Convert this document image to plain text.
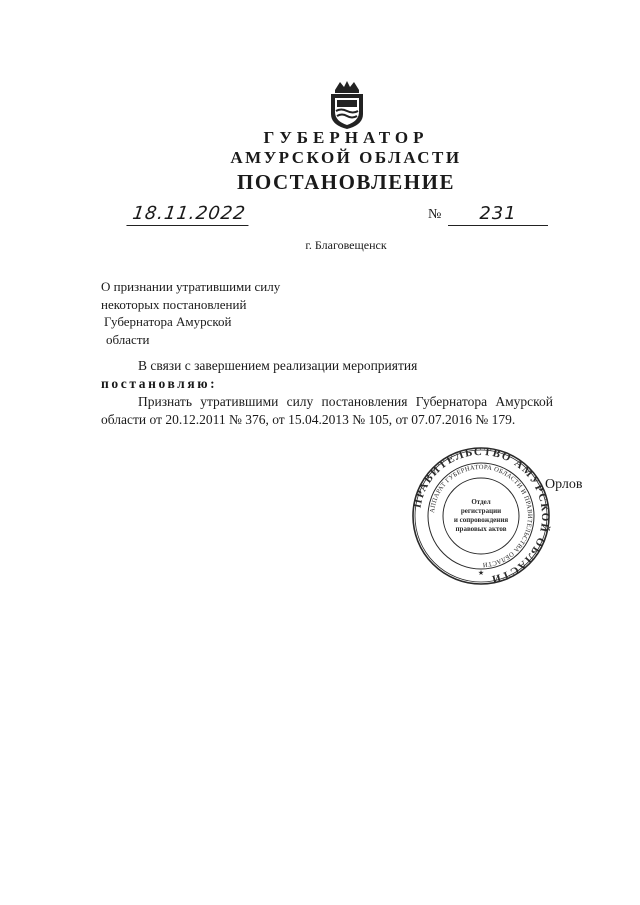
ГУБЕРНАТОР
АМУРСКОЙ ОБЛАСТИ
ПОСТАНОВЛЕНИЕ
18.11.2022	№	231
г. Благовещенск
О признании утратившими силу
некоторых постановлений
Губернатора Амурской
области
В связи с завершением реализации мероприятия
постановляю:
Признать утратившими силу постановления Губернатора Амурской области от 20.12.2011 № 376, от 15.04.2013 № 105, от 07.07.2016 № 179.
ПРАВИТЕЛЬСТВО АМУРСКОЙ ОБЛАСТИ
АППАРАТ ГУБЕРНАТОРА ОБЛАСТИ И ПРАВИТЕЛЬСТВА ОБЛАСТИ
Отдел
регистрации
и сопровождения
правовых актов
★
Орлов
